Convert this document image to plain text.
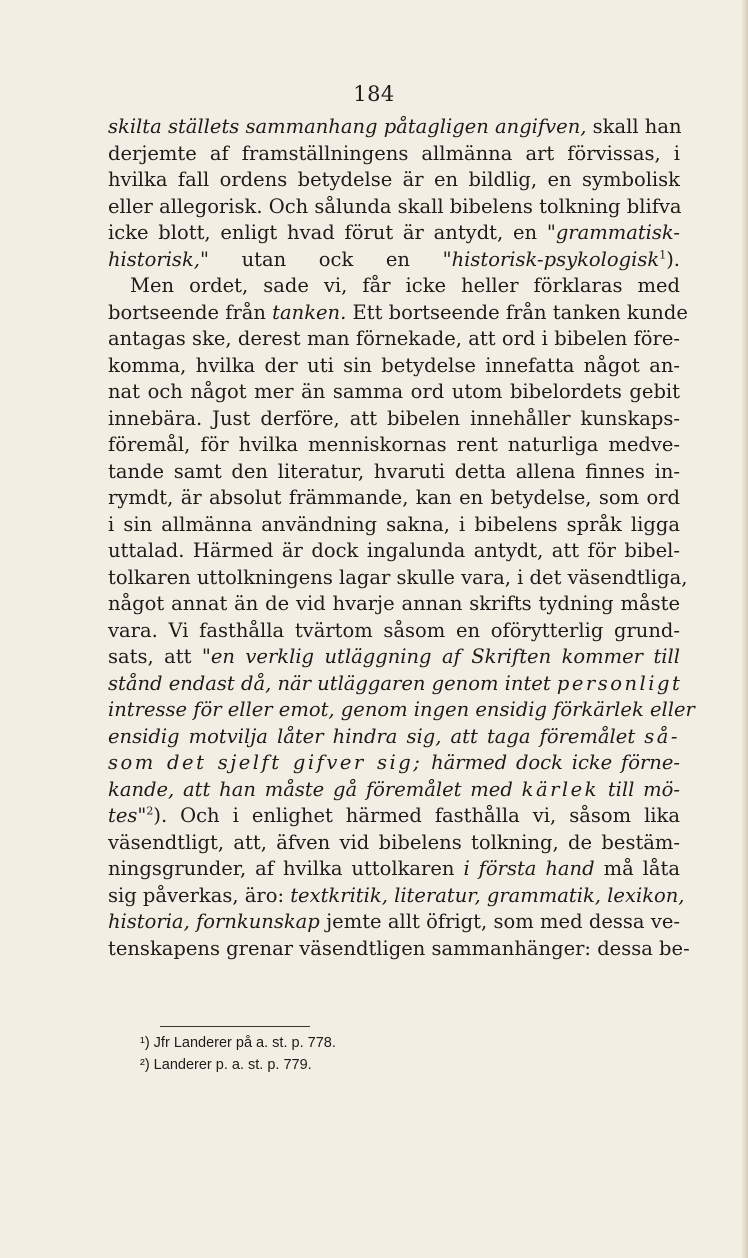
184
skilta ställets sammanhang påtagligen angifven, skall han
derjemte af framställningens allmänna art förvissas, i
hvilka fall ordens betydelse är en bildlig, en symbolisk
eller allegorisk. Och sålunda skall bibelens tolkning blifva
icke blott, enligt hvad förut är antydt, en "grammatisk-
historisk," utan ock en "historisk-psykologisk$^1$).
Men ordet, sade vi, får icke heller förklaras med
bortseende från tanken. Ett bortseende från tanken kunde
antagas ske, derest man förnekade, att ord i bibelen före-
komma, hvilka der uti sin betydelse innefatta något an-
nat och något mer än samma ord utom bibelordets gebit
innebära. Just derföre, att bibelen innehåller kunskaps-
föremål, för hvilka menniskornas rent naturliga medve-
tande samt den literatur, hvaruti detta allena finnes in-
rymdt, är absolut främmande, kan en betydelse, som ord
i sin allmänna användning sakna, i bibelens språk ligga
uttalad. Härmed är dock ingalunda antydt, att för bibel-
tolkaren uttolkningens lagar skulle vara, i det väsendtliga,
något annat än de vid hvarje annan skrifts tydning måste
vara. Vi fasthålla tvärtom såsom en oförytterlig grund-
sats, att "en verklig utläggning af Skriften kommer till
stånd endast då, när utläggaren genom intet personligt
intresse för eller emot, genom ingen ensidig förkärlek eller
ensidig motvilja låter hindra sig, att taga föremålet så-
som det sjelft gifver sig; härmed dock icke förne-
kande, att han måste gå föremålet med kärlek till mö-
tes"$^2$). Och i enlighet härmed fasthålla vi, såsom lika
väsendtligt, att, äfven vid bibelens tolkning, de bestäm-
ningsgrunder, af hvilka uttolkaren i första hand må låta
sig påverkas, äro: textkritik, literatur, grammatik, lexikon,
historia, fornkunskap jemte allt öfrigt, som med dessa ve-
tenskapens grenar väsendtligen sammanhänger: dessa be-
¹) Jfr Landerer på a. st. p. 778.
²) Landerer p. a. st. p. 779.
